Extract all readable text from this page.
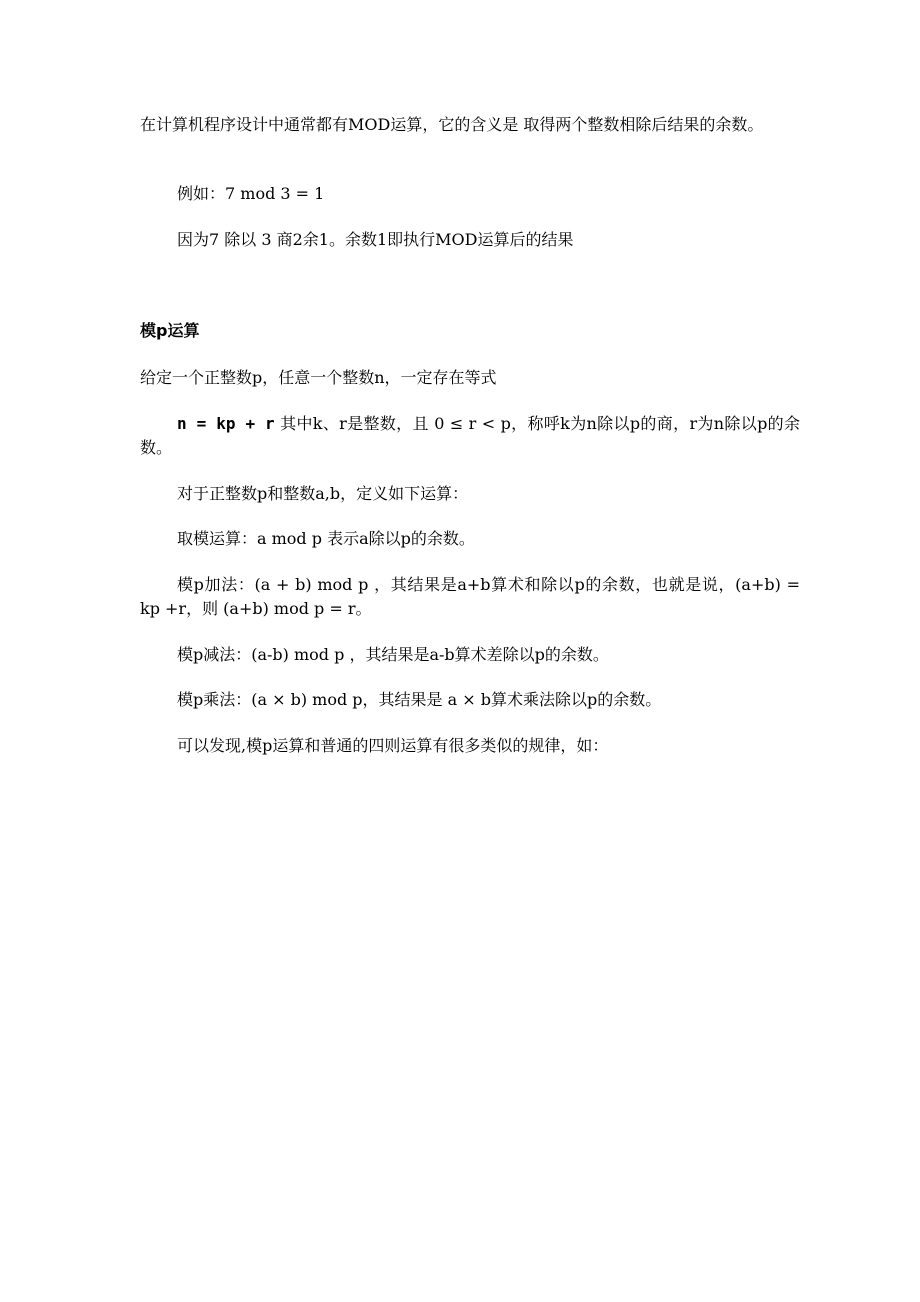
在计算机程序设计中通常都有MOD运算，它的含义是 取得两个整数相除后结果的余数。
例如：7 mod 3 = 1
因为7 除以 3 商2余1。余数1即执行MOD运算后的结果
模p运算
给定一个正整数p，任意一个整数n，一定存在等式
n = kp + r 其中k、r是整数，且 0 ≤ r < p，称呼k为n除以p的商，r为n除以p的余数。
对于正整数p和整数a,b，定义如下运算：
取模运算：a mod p 表示a除以p的余数。
模p加法：(a + b) mod p ，其结果是a+b算术和除以p的余数，也就是说，(a+b) = kp +r，则 (a+b) mod p = r。
模p减法：(a-b) mod p ，其结果是a-b算术差除以p的余数。
模p乘法：(a × b) mod p，其结果是 a × b算术乘法除以p的余数。
可以发现,模p运算和普通的四则运算有很多类似的规律，如：
